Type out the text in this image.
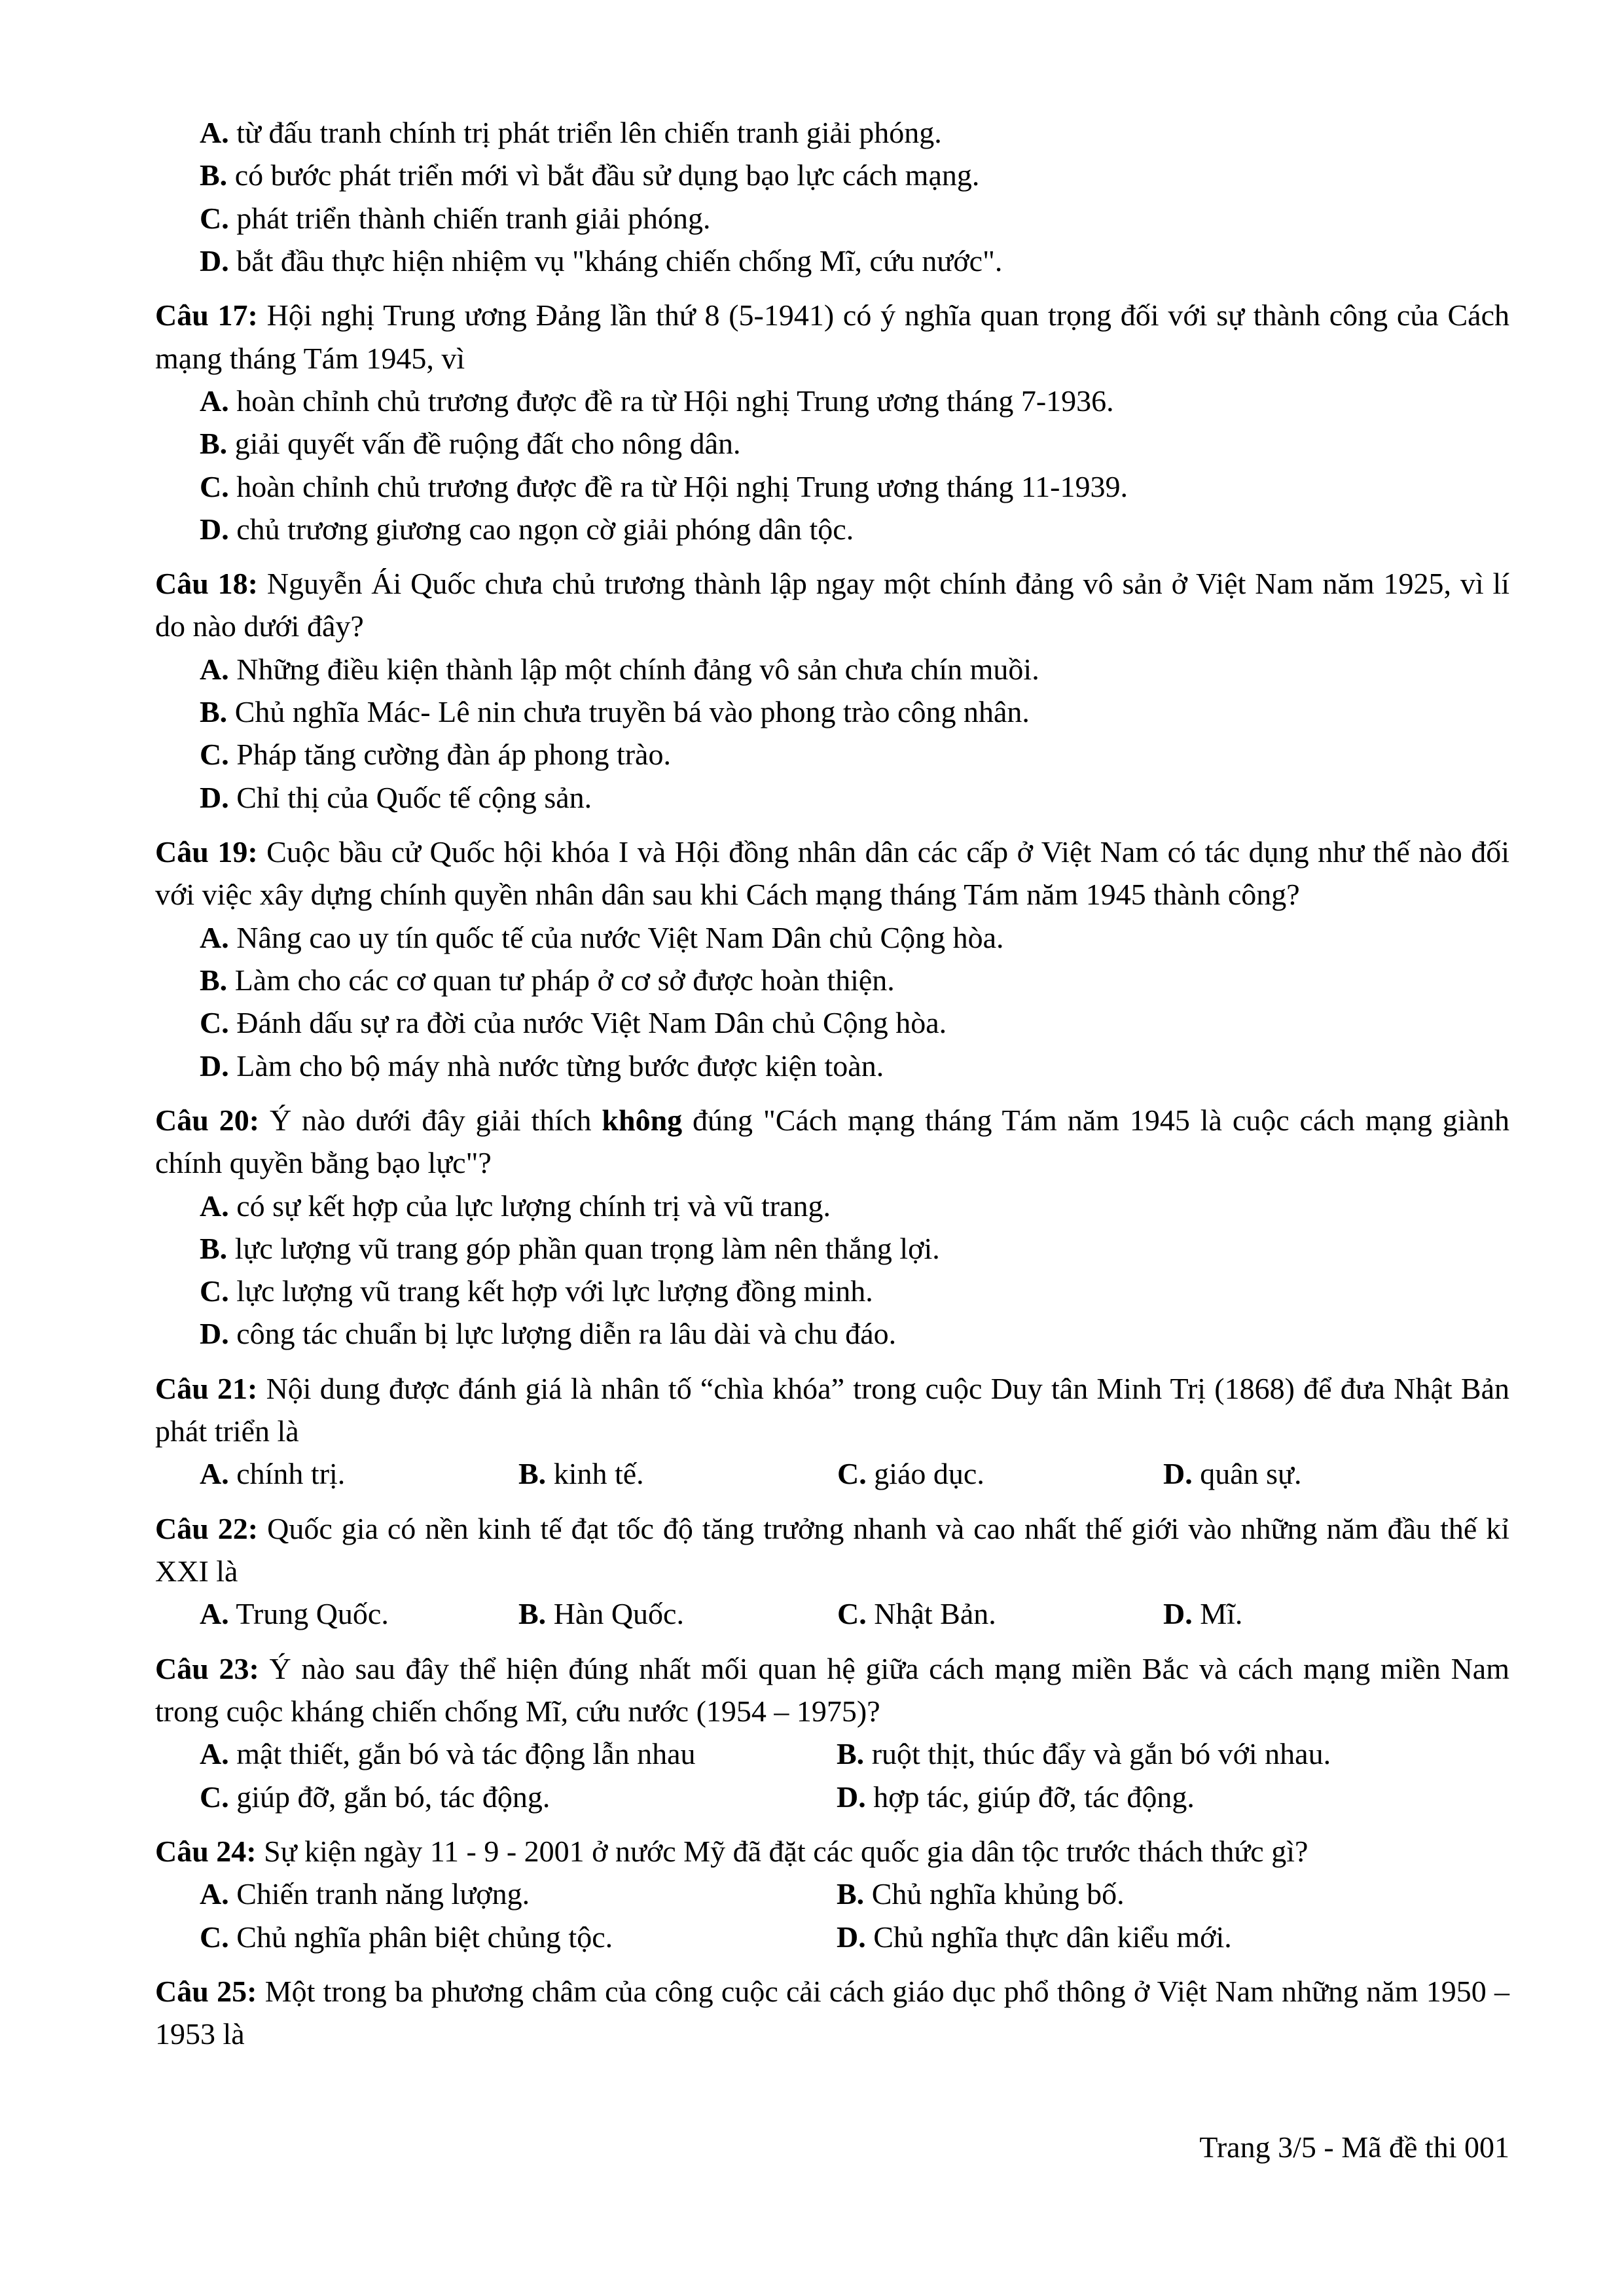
A. từ đấu tranh chính trị phát triển lên chiến tranh giải phóng.

B. có bước phát triển mới vì bắt đầu sử dụng bạo lực cách mạng.

C. phát triển thành chiến tranh giải phóng.

D. bắt đầu thực hiện nhiệm vụ "kháng chiến chống Mĩ, cứu nước".

Câu 17: Hội nghị Trung ương Đảng lần thứ 8 (5-1941) có ý nghĩa quan trọng đối với sự thành công của Cách mạng tháng Tám 1945, vì

A. hoàn chỉnh chủ trương được đề ra từ Hội nghị Trung ương tháng 7-1936.

B. giải quyết vấn đề ruộng đất cho nông dân.

C. hoàn chỉnh chủ trương được đề ra từ Hội nghị Trung ương tháng 11-1939.

D. chủ trương giương cao ngọn cờ giải phóng dân tộc.

Câu 18: Nguyễn Ái Quốc chưa chủ trương thành lập ngay một chính đảng vô sản ở Việt Nam năm 1925, vì lí do nào dưới đây?

A. Những điều kiện thành lập một chính đảng vô sản chưa chín muồi.

B. Chủ nghĩa Mác- Lê nin chưa truyền bá vào phong trào công nhân.

C. Pháp tăng cường đàn áp phong trào.

D. Chỉ thị của Quốc tế cộng sản.

Câu 19: Cuộc bầu cử Quốc hội khóa I và Hội đồng nhân dân các cấp ở Việt Nam có tác dụng như thế nào đối với việc xây dựng chính quyền nhân dân sau khi Cách mạng tháng Tám năm 1945 thành công?

A. Nâng cao uy tín quốc tế của nước Việt Nam Dân chủ Cộng hòa.

B. Làm cho các cơ quan tư pháp ở cơ sở được hoàn thiện.

C. Đánh dấu sự ra đời của nước Việt Nam Dân chủ Cộng hòa.

D. Làm cho bộ máy nhà nước từng bước được kiện toàn.

Câu 20: Ý nào dưới đây giải thích không đúng "Cách mạng tháng Tám năm 1945 là cuộc cách mạng giành chính quyền bằng bạo lực"?

A. có sự kết hợp của lực lượng chính trị và vũ trang.

B. lực lượng vũ trang góp phần quan trọng làm nên thắng lợi.

C. lực lượng vũ trang kết hợp với lực lượng đồng minh.

D. công tác chuẩn bị lực lượng diễn ra lâu dài và chu đáo.

Câu 21: Nội dung được đánh giá là nhân tố “chìa khóa” trong cuộc Duy tân Minh Trị (1868) để đưa Nhật Bản phát triển là

A. chính trị.	B. kinh tế.	C. giáo dục.	D. quân sự.

Câu 22: Quốc gia có nền kinh tế đạt tốc độ tăng trưởng nhanh và cao nhất thế giới vào những năm đầu thế kỉ XXI là

A. Trung Quốc.	B. Hàn Quốc.	C. Nhật Bản.	D. Mĩ.

Câu 23: Ý nào sau đây thể hiện đúng nhất mối quan hệ giữa cách mạng miền Bắc và cách mạng miền Nam trong cuộc kháng chiến chống Mĩ, cứu nước (1954 – 1975)?

A. mật thiết, gắn bó và tác động lẫn nhau	B. ruột thịt, thúc đẩy và gắn bó với nhau.

C. giúp đỡ, gắn bó, tác động.	D. hợp tác, giúp đỡ, tác động.

Câu 24: Sự kiện ngày 11 - 9 - 2001 ở nước Mỹ đã đặt các quốc gia dân tộc trước thách thức gì?

A. Chiến tranh năng lượng.	B. Chủ nghĩa khủng bố.

C. Chủ nghĩa phân biệt chủng tộc.	D. Chủ nghĩa thực dân kiểu mới.

Câu 25: Một trong ba phương châm của công cuộc cải cách giáo dục phổ thông ở Việt Nam những năm 1950 – 1953 là

Trang 3/5 - Mã đề thi 001
